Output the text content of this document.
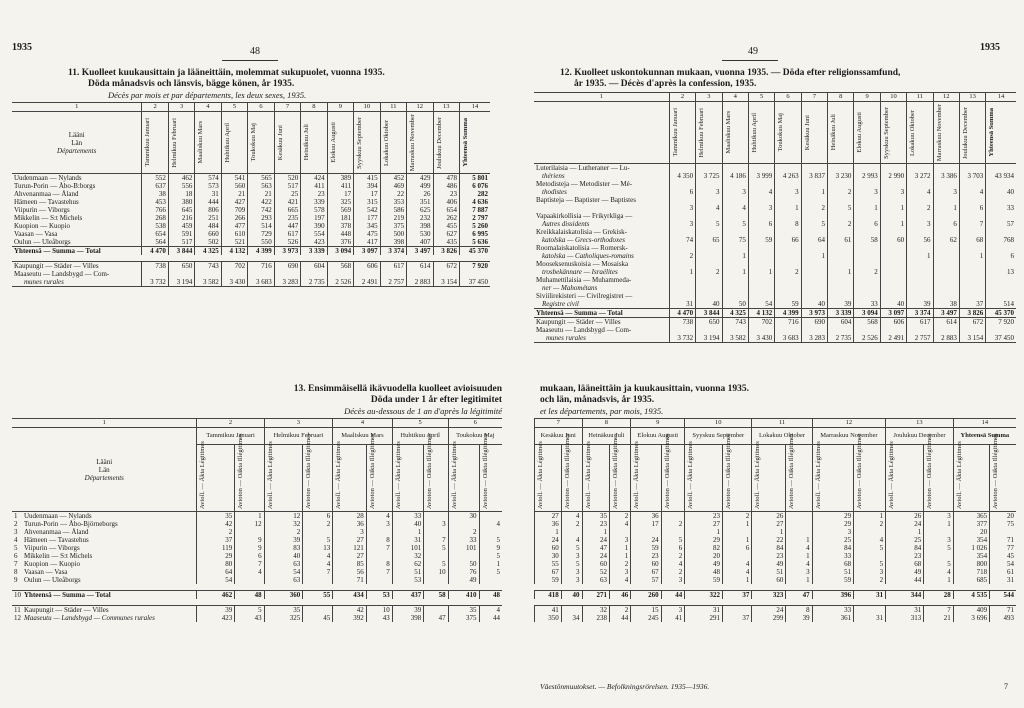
1935	48	49	1935
11. Kuolleet kuukausittain ja lääneittäin, molemmat sukupuolet, vuonna 1935.
Döda månadsvis och länsvis, bägge könen, år 1935.
Décès par mois et par départements, les deux sexes, 1935.
1	2	3	4	5	6	7	8	9	10	11	12	13	14

Lääni
Län
Départements	Tammikuu Januari	Helmikuu Februari	Maaliskuu Mars	Huhtikuu April	Toukokuu Maj	Kesäkuu Juni	Heinäkuu Juli	Elokuu Augusti	Syyskuu September	Lokakuu Oktober	Marraskuu November	Joulukuu December	Yhteensä Summa

Uudenmaan — Nylands	552	462	574	541	565	520	424	389	415	452	429	478	5 801
Turun-Porin — Åbo-B:borgs	637	556	573	560	563	517	411	411	394	469	499	486	6 076
Ahvenanmaa — Åland	38	18	31	21	21	25	23	17	17	22	26	23	282
Hämeen — Tavastehus	453	380	444	427	422	421	339	325	315	353	351	406	4 636
Viipurin — Viborgs	766	645	806	709	742	665	578	569	542	586	625	654	7 887
Mikkelin — S:t Michels	268	216	251	266	293	235	197	181	177	219	232	262	2 797
Kuopion — Kuopio	538	459	484	477	514	447	390	378	345	375	398	455	5 260
Vaasan — Vasa	654	591	660	610	729	617	554	448	475	500	530	627	6 995
Oulun — Uleåborgs	564	517	502	521	550	526	423	376	417	398	407	435	5 636
Yhteensä — Summa — Total	4 470	3 844	4 325	4 132	4 399	3 973	3 339	3 094	3 097	3 374	3 497	3 826	45 370

Kaupungit — Städer — Villes	738	650	743	702	716	690	604	568	606	617	614	672	7 920
Maaseutu — Landsbygd — Com-													
munes rurales	3 732	3 194	3 582	3 430	3 683	3 283	2 735	2 526	2 491	2 757	2 883	3 154	37 450
12. Kuolleet uskontokunnan mukaan, vuonna 1935. — Döda efter religionssamfund,
år 1935. — Décès d'après la confession, 1935.
1	2	3	4	5	6	7	8	9	10	11	12	13	14

	Tammikuu Januari	Helmikuu Februari	Maaliskuu Mars	Huhtikuu April	Toukokuu Maj	Kesäkuu Juni	Heinäkuu Juli	Elokuu Augusti	Syyskuu September	Lokakuu Oktober	Marraskuu November	Joulukuu December	Yhteensä Summa

Luterilaisia — Lutheraner — Lu-													
thériens	4 350	3 725	4 186	3 999	4 263	3 837	3 230	2 993	2 990	3 272	3 386	3 703	43 934
Metodisteja — Metodister — Mé-													
thodistes	6	3	3	4	3	1	2	3	3	4	3	4	40
Baptisteja — Baptister — Baptistes													
	3	4	4	3	1	2	5	1	1	2	1	6	33
Vapaakirkollisia — Frikyrkliga —													
Autres dissidents	3	5	5	6	8	5	2	6	1	3	6	7	57
Kreikkalaiskatolisia — Grekisk-													
katolska — Grecs-orthodoxes	74	65	75	59	66	64	61	58	60	56	62	68	768
Roomalaiskatolisia — Romersk-													
katolska — Catholiques-romains	2		1			1				1		1	6
Mooseksenuskoisia — Mosaiska													
trosbekännare — Israélites	1	2	1	1	2		1	2					13
Muhamettilaisia — Muhammeda-													
ner — Mahométans													
Siviilirekisteri — Civilregistret —													
Registre civil	31	40	50	54	59	40	39	33	40	39	38	37	514
Yhteensä — Summa — Total	4 470	3 844	4 325	4 132	4 399	3 973	3 339	3 094	3 097	3 374	3 497	3 826	45 370
Kaupungit — Städer — Villes	738	650	743	702	716	690	604	568	606	617	614	672	7 920
Maaseutu — Landsbygd — Com-													
munes rurales	3 732	3 194	3 582	3 430	3 683	3 283	2 735	2 526	2 491	2 757	2 883	3 154	37 450
13. Ensimmäisellä ikävuodella kuolleet avioisuuden
Döda under 1 år efter legitimitet
Décès au-dessous de 1 an d'après la légitimité
mukaan, lääneittäin ja kuukausittain, vuonna 1935.
och län, månadsvis, år 1935.
et les départements, par mois, 1935.
1	2		3		4		5		6	

Lääni
Län
Départements	Tammikuu Januari		Helmikuu Februari		Maaliskuu Mars		Huhtikuu April		Toukokuu Maj	

	Avioll. — Äkta Légitimes	Avioton — Oäkta Illégitimes	Avioll. — Äkta Légitimes	Avioton — Oäkta Illégitimes	Avioll. — Äkta Légitimes	Avioton — Oäkta Illégitimes	Avioll. — Äkta Légitimes	Avioton — Oäkta Illégitimes	Avioll. — Äkta Légitimes	Avioton — Oäkta Illégitimes

1 Uudenmaan — Nylands	35	1	12	6	28	4	33		30	
2 Turun-Porin — Åbo-Björneborgs	42	12	32	2	36	3	40	3		4
3 Ahvenanmaa — Åland	2		2		3		1		2	
4 Hämeen — Tavastehus	37	9	39	5	27	8	31	7	33	5
5 Viipurin — Viborgs	119	9	83	13	121	7	101	5	101	9
6 Mikkelin — S:t Michels	29	6	40	4	27		32			5
7 Kuopion — Kuopio	80	7	63	4	85	8	62	5	50	1
8 Vaasan — Vasa	64	4	54	7	56	7	51	10	76	5
9 Oulun — Uleåborgs	54		63		71		53		49	

10 Yhteensä — Summa — Total	462	48	360	55	434	53	437	58	410	48

11 Kaupungit — Städer — Villes	39	5	35		42	10	39		35	4
12 Maaseutu — Landsbygd — Communes rurales	423	43	325	45	392	43	398	47	375	44
7		8		9		10		11		12		13		14	
Kesäkuu Juni		Heinäkuu Juli		Elokuu Augusti		Syyskuu September		Lokakuu Oktober		Marraskuu November		Joulukuu December		Yhteensä Summa	

Avioll. — Äkta Légitimes	Avioton — Oäkta Illégitimes	Avioll. — Äkta Légitimes	Avioton — Oäkta Illégitimes	Avioll. — Äkta Légitimes	Avioton — Oäkta Illégitimes	Avioll. — Äkta Légitimes	Avioton — Oäkta Illégitimes	Avioll. — Äkta Légitimes	Avioton — Oäkta Illégitimes	Avioll. — Äkta Légitimes	Avioton — Oäkta Illégitimes	Avioll. — Äkta Légitimes	Avioton — Oäkta Illégitimes	Avioll. — Äkta Légitimes	Avioton — Oäkta Illégitimes

27	4	35	2	36		23	2	26		29	1	26	3	365	20
36	2	23	4	17	2	27	1	27		29	2	24	1	377	75
1		1				1		1		3		1		20	
24	4	24	3	24	5	29	1	22	1	25	4	25	3	354	71
60	5	47	1	59	6	82	6	84	4	84	5	84	5	1 026	77
30	3	24	1	23	2	20		23	1	33		23		354	45
55	5	60	2	60	4	49	4	49	4	68	5	68	5	800	54
67	3	52	3	67	2	48	4	51	3	51	3	49	4	718	61
59	3	63	4	57	3	59	1	60	1	59	2	44	1	685	31

418	40	271	46	260	44	322	37	323	47	396	31	344	28	4 535	544

41		32	2	15	3	31		24	8	33		31	7	409	71
350	34	238	44	245	41	291	37	299	39	361	31	313	21	3 696	493
Väestönmuutokset. — Befolkningsrörelsen. 1935—1936.	7
